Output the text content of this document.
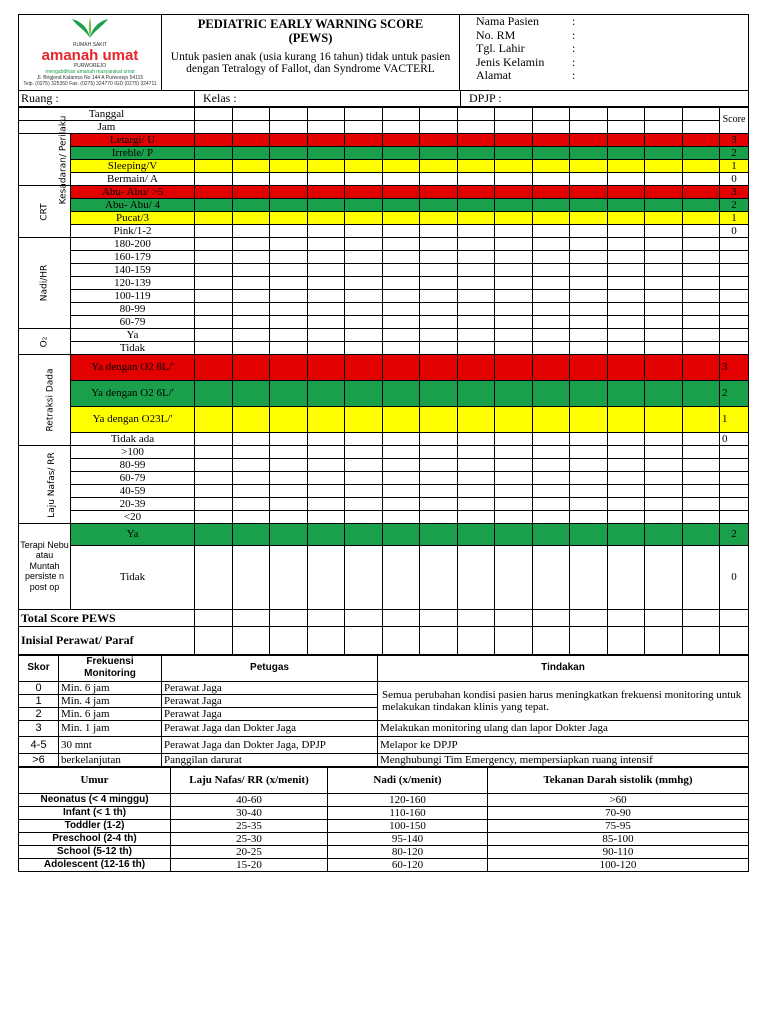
RUMAH SAKIT
amanah umat
PURWOREJO
mengabdikan amanah masyarakat umat
Jl. Brigjend Katamso No.144 A Purworejo 54115
Telp. (0275) 325350 Fax. (0275) 324770 IGD (0275) 324711

PEDIATRIC EARLY WARNING SCORE
(PEWS)
Untuk pasien anak (usia kurang 16 tahun) tidak untuk pasien dengan Tetralogy of Fallot, dan Syndrome VACTERL

Nama Pasien	:
No. RM	:
Tgl. Lahir	:
Jenis Kelamin	:
Alamat	:
Ruang :	Kelas :	DPJP :
Tanggal																Score
Jam																
Kesadaran/ Perilaku	Letargi/ U															3
	Irreble/ P															2
	Sleeping/V															1
	Bermain/ A															0
CRT	Abu- Abu/ >5															3
	Abu- Abu/ 4															2
	Pucat/3															1
	Pink/1-2															0
Nadi/HR	180-200															
	160-179															
	140-159															
	120-139															
	100-119															
	80-99															
	60-79															
O₂	Ya															
	Tidak															
Retraksi Dada	Ya dengan O2 8L/'															3
	Ya dengan O2 6L/'															2
	Ya dengan O23L/'															1
	Tidak ada															0
Laju Nafas/ RR	>100															
	80-99															
	60-79															
	40-59															
	20-39															
	<20															
Terapi Nebu atau Muntah persiste n post op	Ya															2
	Tidak															0
Total Score PEWS																
Inisial Perawat/ Paraf																
Skor	Frekuensi Monitoring	Petugas	Tindakan
0	Min. 6 jam	Perawat Jaga	Semua perubahan kondisi pasien harus meningkatkan frekuensi monitoring untuk melakukan tindakan klinis yang tepat.
1	Min. 4 jam	Perawat Jaga	
2	Min. 6 jam	Perawat Jaga	
3	Min. 1 jam	Perawat Jaga dan Dokter Jaga	Melakukan monitoring ulang dan lapor Dokter Jaga
4-5	30 mnt	Perawat Jaga dan Dokter Jaga, DPJP	Melapor ke DPJP
>6	berkelanjutan	Panggilan darurat	Menghubungi Tim Emergency, mempersiapkan ruang intensif
Umur	Laju Nafas/ RR (x/menit)	Nadi (x/menit)	Tekanan Darah sistolik (mmhg)
Neonatus (< 4 minggu)	40-60	120-160	>60
Infant (< 1 th)	30-40	110-160	70-90
Toddler (1-2)	25-35	100-150	75-95
Preschool (2-4 th)	25-30	95-140	85-100
School (5-12 th)	20-25	80-120	90-110
Adolescent (12-16 th)	15-20	60-120	100-120
